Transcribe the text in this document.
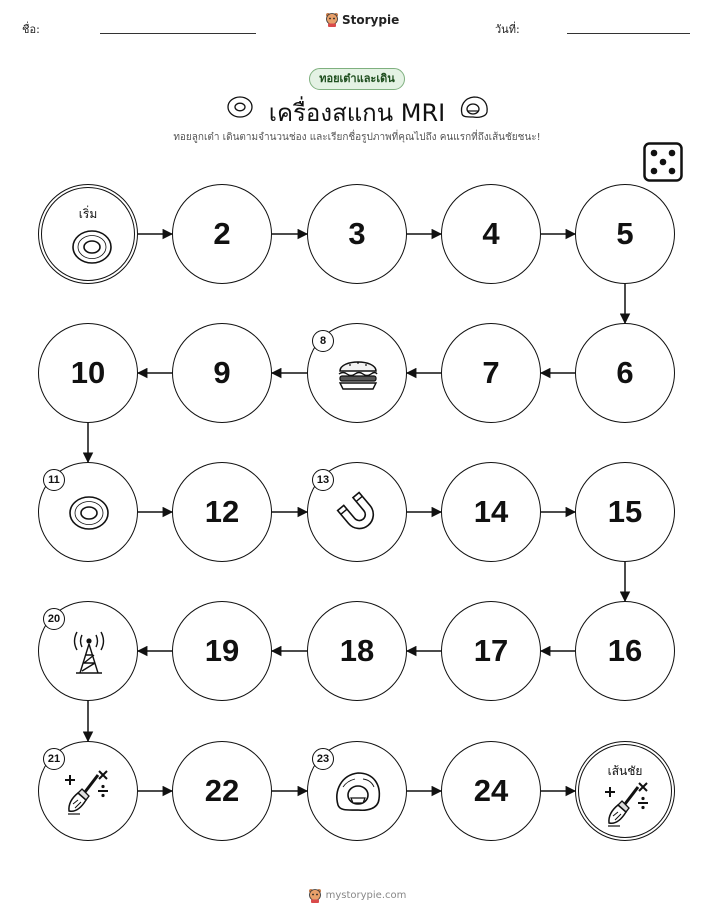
ชื่อ:
Storypie
วันที่:
ทอยเต๋าและเดิน
เครื่องสแกน MRI
ทอยลูกเต๋า เดินตามจำนวนช่อง และเรียกชื่อรูปภาพที่คุณไปถึง คนแรกที่ถึงเส้นชัยชนะ!
เริ่ม
2	3	4	5
6
7
8
9
10
11
12
13
14	15
16
17
18
19
20
21
22
23
24
เส้นชัย
mystorypie.com
